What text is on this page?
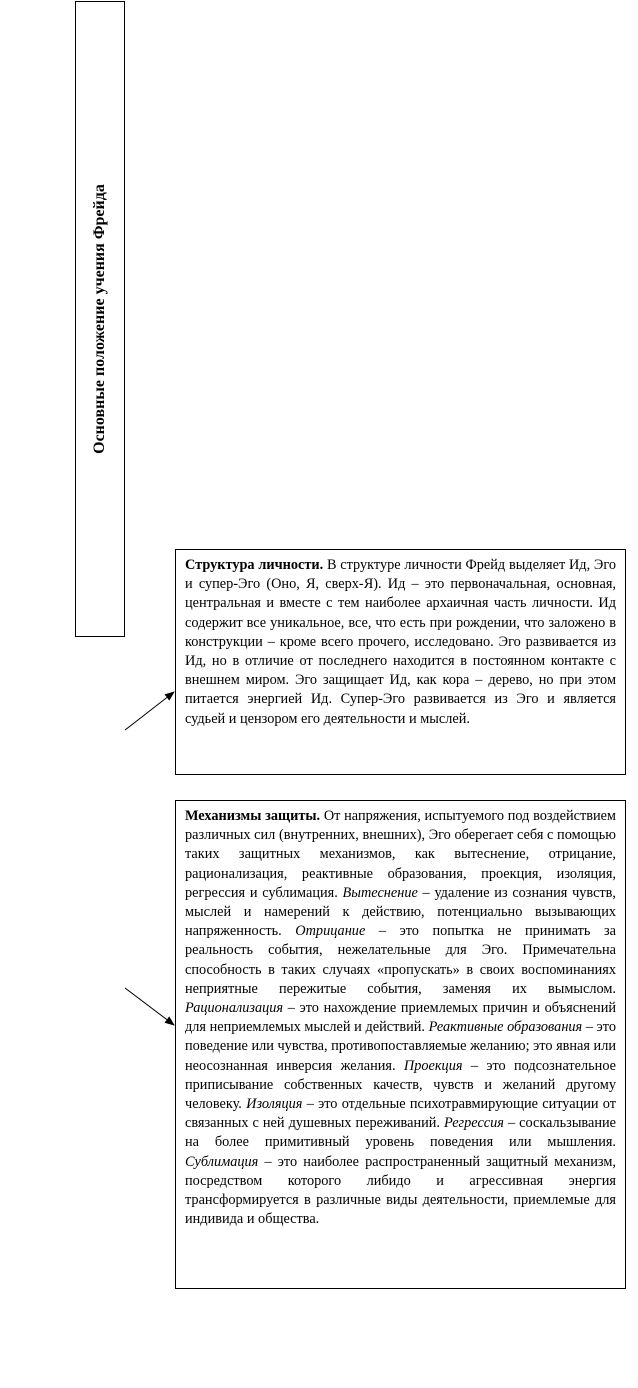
Основные положение учения Фрейда
Структура личности. В структуре личности Фрейд выделяет Ид, Эго и супер-Эго (Оно, Я, сверх-Я). Ид – это первоначальная, основная, центральная и вместе с тем наиболее архаичная часть личности. Ид содержит все уникальное, все, что есть при рождении, что заложено в конструкции – кроме всего прочего, исследовано. Эго развивается из Ид, но в отличие от последнего находится в постоянном контакте с внешнем миром. Эго защищает Ид, как кора – дерево, но при этом питается энергией Ид. Супер-Эго развивается из Эго и является судьей и цензором его деятельности и мыслей.
Механизмы защиты. От напряжения, испытуемого под воздействием различных сил (внутренних, внешних), Эго оберегает себя с помощью таких защитных механизмов, как вытеснение, отрицание, рационализация, реактивные образования, проекция, изоляция, регрессия и сублимация. Вытеснение – удаление из сознания чувств, мыслей и намерений к действию, потенциально вызывающих напряженность. Отрицание – это попытка не принимать за реальность события, нежелательные для Эго. Примечательна способность в таких случаях «пропускать» в своих воспоминаниях неприятные пережитые события, заменяя их вымыслом. Рационализация – это нахождение приемлемых причин и объяснений для неприемлемых мыслей и действий. Реактивные образования – это поведение или чувства, противопоставляемые желанию; это явная или неосознанная инверсия желания. Проекция – это подсознательное приписывание собственных качеств, чувств и желаний другому человеку. Изоляция – это отдельные психотравмирующие ситуации от связанных с ней душевных переживаний. Регрессия – соскальзывание на более примитивный уровень поведения или мышления. Сублимация – это наиболее распространенный защитный механизм, посредством которого либидо и агрессивная энергия трансформируется в различные виды деятельности, приемлемые для индивида и общества.
